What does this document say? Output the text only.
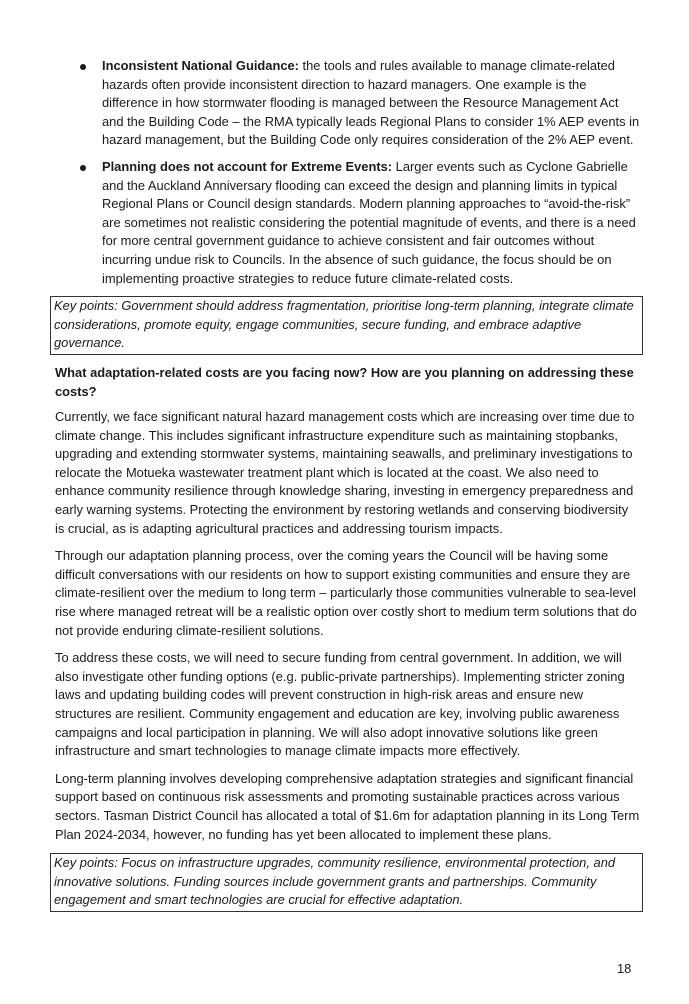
Inconsistent National Guidance: the tools and rules available to manage climate-related hazards often provide inconsistent direction to hazard managers. One example is the difference in how stormwater flooding is managed between the Resource Management Act and the Building Code – the RMA typically leads Regional Plans to consider 1% AEP events in hazard management, but the Building Code only requires consideration of the 2% AEP event.
Planning does not account for Extreme Events: Larger events such as Cyclone Gabrielle and the Auckland Anniversary flooding can exceed the design and planning limits in typical Regional Plans or Council design standards. Modern planning approaches to “avoid-the-risk” are sometimes not realistic considering the potential magnitude of events, and there is a need for more central government guidance to achieve consistent and fair outcomes without incurring undue risk to Councils. In the absence of such guidance, the focus should be on implementing proactive strategies to reduce future climate-related costs.
Key points: Government should address fragmentation, prioritise long-term planning, integrate climate considerations, promote equity, engage communities, secure funding, and embrace adaptive governance.
What adaptation-related costs are you facing now? How are you planning on addressing these costs?

Currently, we face significant natural hazard management costs which are increasing over time due to climate change. This includes significant infrastructure expenditure such as maintaining stopbanks, upgrading and extending stormwater systems, maintaining seawalls, and preliminary investigations to relocate the Motueka wastewater treatment plant which is located at the coast. We also need to enhance community resilience through knowledge sharing, investing in emergency preparedness and early warning systems. Protecting the environment by restoring wetlands and conserving biodiversity is crucial, as is adapting agricultural practices and addressing tourism impacts.

Through our adaptation planning process, over the coming years the Council will be having some difficult conversations with our residents on how to support existing communities and ensure they are climate-resilient over the medium to long term – particularly those communities vulnerable to sea-level rise where managed retreat will be a realistic option over costly short to medium term solutions that do not provide enduring climate-resilient solutions.

To address these costs, we will need to secure funding from central government. In addition, we will also investigate other funding options (e.g. public-private partnerships). Implementing stricter zoning laws and updating building codes will prevent construction in high-risk areas and ensure new structures are resilient. Community engagement and education are key, involving public awareness campaigns and local participation in planning. We will also adopt innovative solutions like green infrastructure and smart technologies to manage climate impacts more effectively.

Long-term planning involves developing comprehensive adaptation strategies and significant financial support based on continuous risk assessments and promoting sustainable practices across various sectors. Tasman District Council has allocated a total of $1.6m for adaptation planning in its Long Term Plan 2024-2034, however, no funding has yet been allocated to implement these plans.

Key points: Focus on infrastructure upgrades, community resilience, environmental protection, and innovative solutions. Funding sources include government grants and partnerships. Community engagement and smart technologies are crucial for effective adaptation.
18
